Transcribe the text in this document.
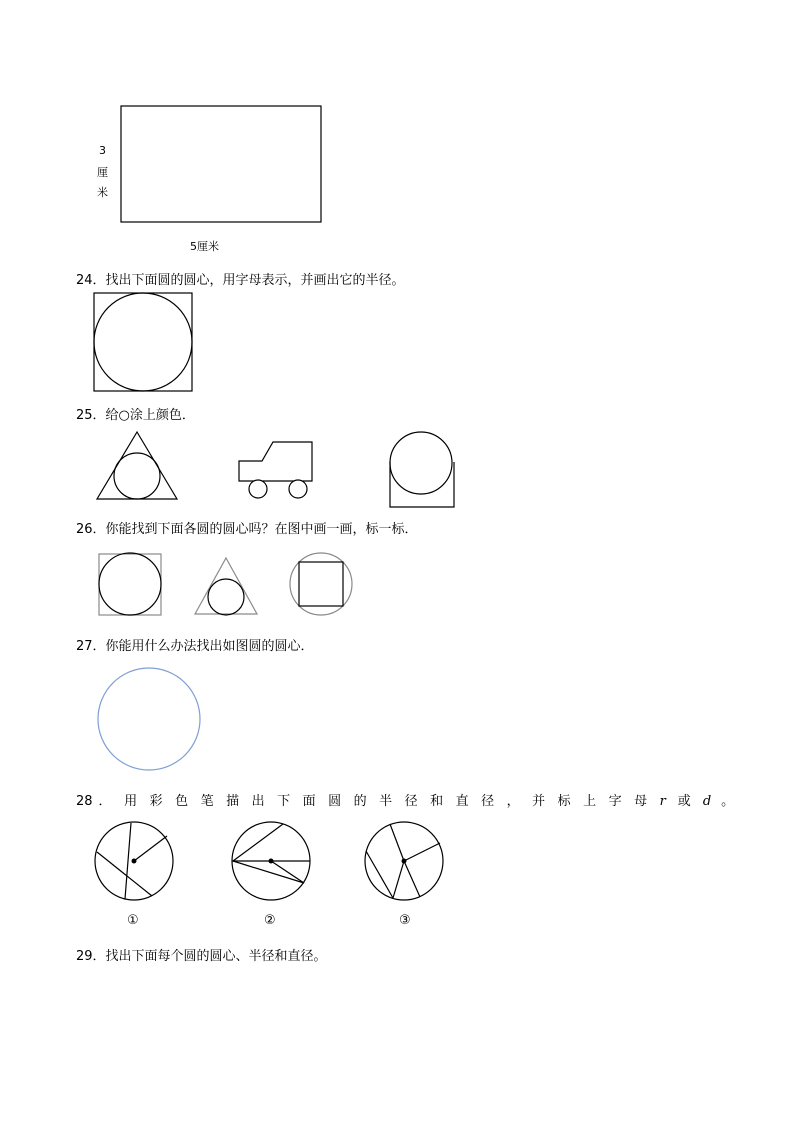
3
厘
米
5厘米
24．找出下面圆的圆心，用字母表示，并画出它的半径。
25．给○涂上颜色．
26．你能找到下面各圆的圆心吗？在图中画一画，标一标．
27．你能用什么办法找出如图圆的圆心．
28 ．用彩色笔描出下面圆的半径和直径，并标上字母r 或 d 。
①	②	③
29．找出下面每个圆的圆心、半径和直径。
